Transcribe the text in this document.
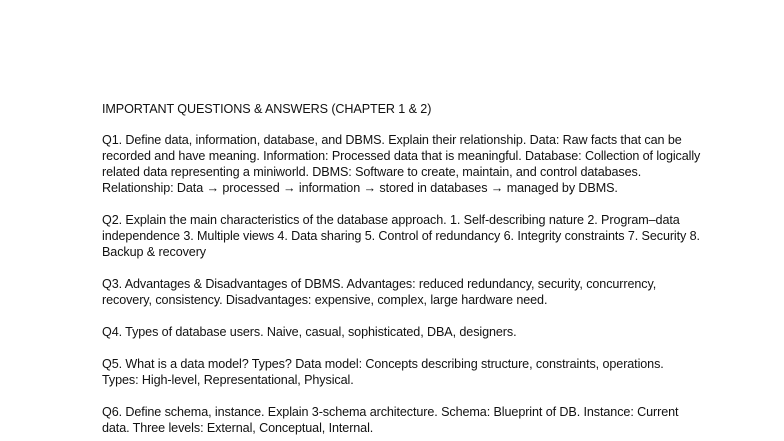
IMPORTANT QUESTIONS & ANSWERS (CHAPTER 1 & 2)
Q1. Define data, information, database, and DBMS. Explain their relationship. Data: Raw facts that can be recorded and have meaning. Information: Processed data that is meaningful. Database: Collection of logically related data representing a miniworld. DBMS: Software to create, maintain, and control databases. Relationship: Data → processed → information → stored in databases → managed by DBMS.
Q2. Explain the main characteristics of the database approach. 1. Self-describing nature 2. Program–data independence 3. Multiple views 4. Data sharing 5. Control of redundancy 6. Integrity constraints 7. Security 8. Backup & recovery
Q3. Advantages & Disadvantages of DBMS. Advantages: reduced redundancy, security, concurrency, recovery, consistency. Disadvantages: expensive, complex, large hardware need.
Q4. Types of database users. Naive, casual, sophisticated, DBA, designers.
Q5. What is a data model? Types? Data model: Concepts describing structure, constraints, operations. Types: High-level, Representational, Physical.
Q6. Define schema, instance. Explain 3-schema architecture. Schema: Blueprint of DB. Instance: Current data. Three levels: External, Conceptual, Internal.
